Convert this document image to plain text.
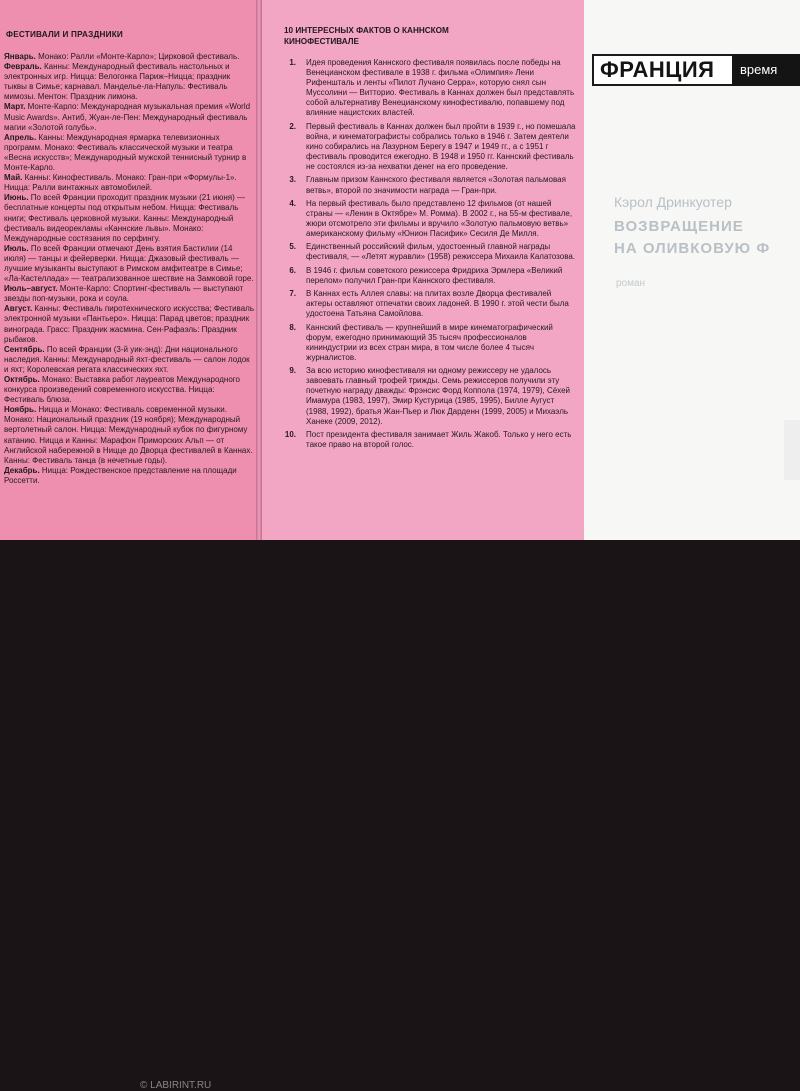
ФЕСТИВАЛИ И ПРАЗДНИКИ

Январь. Монако: Ралли «Монте-Карло»; Цирковой фестиваль.

Февраль. Канны: Международный фестиваль настольных и электронных игр. Ницца: Велогонка Париж–Ницца; праздник тыквы в Симье; карнавал. Манделье-ла-Напуль: Фестиваль мимозы. Ментон: Праздник лимона.

Март. Монте-Карло: Международная музыкальная премия «World Music Awards». Антиб, Жуан-ле-Пен: Международный фестиваль магии «Золотой голубь».

Апрель. Канны: Международная ярмарка телевизионных программ. Монако: Фестиваль классической музыки и театра «Весна искусств»; Международный мужской теннисный турнир в Монте-Карло.

Май. Канны: Кинофестиваль. Монако: Гран-при «Формулы-1». Ницца: Ралли винтажных автомобилей.

Июнь. По всей Франции проходит праздник музыки (21 июня) — бесплатные концерты под открытым небом. Ницца: Фестиваль книги; Фестиваль церковной музыки. Канны: Международный фестиваль видеорекламы «Каннские львы». Монако: Международные состязания по серфингу.

Июль. По всей Франции отмечают День взятия Бастилии (14 июля) — танцы и фейерверки. Ницца: Джазовый фестиваль — лучшие музыканты выступают в Римском амфитеатре в Симье; «Ла-Кастеллада» — театрализованное шествие на Замковой горе.

Июль–август. Монте-Карло: Спортинг-фестиваль — выступают звезды поп-музыки, рока и соула.

Август. Канны: Фестиваль пиротехнического искусства; Фестиваль электронной музыки «Пантьеро». Ницца: Парад цветов; праздник винограда. Грасс: Праздник жасмина. Сен-Рафаэль: Праздник рыбаков.

Сентябрь. По всей Франции (3-й уик-энд): Дни национального наследия. Канны: Международный яхт-фестиваль — салон лодок и яхт; Королевская регата классических яхт.

Октябрь. Монако: Выставка работ лауреатов Международного конкурса произведений современного искусства. Ницца: Фестиваль блюза.

Ноябрь. Ницца и Монако: Фестиваль современной музыки. Монако: Национальный праздник (19 ноября); Международный вертолетный салон. Ницца: Международный кубок по фигурному катанию. Ницца и Канны: Марафон Приморских Альп — от Английской набережной в Ницце до Дворца фестивалей в Каннах. Канны: Фестиваль танца (в нечетные годы).

Декабрь. Ницца: Рождественское представление на площади Россетти.

10 ИНТЕРЕСНЫХ ФАКТОВ О КАННСКОМ КИНОФЕСТИВАЛЕ
1.	Идея проведения Каннского фестиваля появилась после победы на Венецианском фестивале в 1938 г. фильма «Олимпия» Лени Рифеншталь и ленты «Пилот Лучано Серра», которую снял сын Муссолини — Витторио. Фестиваль в Каннах должен был представлять собой альтернативу Венецианскому кинофестивалю, попавшему под влияние нацистских властей.
2.	Первый фестиваль в Каннах должен был пройти в 1939 г., но помешала война, и кинематографисты собрались только в 1946 г. Затем деятели кино собирались на Лазурном Берегу в 1947 и 1949 гг., а с 1951 г фестиваль проводится ежегодно. В 1948 и 1950 гг. Каннский фестиваль не состоялся из-за нехватки денег на его проведение.
3.	Главным призом Каннского фестиваля является «Золотая пальмовая ветвь», второй по значимости награда — Гран-при.
4.	На первый фестиваль было представлено 12 фильмов (от нашей страны — «Ленин в Октябре» М. Ромма). В 2002 г., на 55-м фестивале, жюри отсмотрело эти фильмы и вручило «Золотую пальмовую ветвь» американскому фильму «Юнион Пасифик» Сесиля Де Милля.
5.	Единственный российский фильм, удостоенный главной награды фестиваля, — «Летят журавли» (1958) режиссера Михаила Калатозова.
6.	В 1946 г. фильм советского режиссера Фридриха Эрмлера «Великий перелом» получил Гран-при Каннского фестиваля.
7.	В Каннах есть Аллея славы: на плитах возле Дворца фестивалей актеры оставляют отпечатки своих ладоней. В 1990 г. этой чести была удостоена Татьяна Самойлова.
8.	Каннский фестиваль — крупнейший в мире кинематографический форум, ежегодно принимающий 35 тысяч профессионалов кининдустрии из всех стран мира, в том числе более 4 тысяч журналистов.
9.	За всю историю кинофестиваля ни одному режиссеру не удалось завоевать главный трофей трижды. Семь режиссеров получили эту почетную награду дважды: Фрэнсис Форд Коппола (1974, 1979), Сёхей Имамура (1983, 1997), Эмир Кустурица (1985, 1995), Билле Аугуст (1988, 1992), братья Жан-Пьер и Люк Дарденн (1999, 2005) и Михаэль Ханеке (2009, 2012).
10.	Пост президента фестиваля занимает Жиль Жакоб. Только у него есть такое право на второй голос.
ФРАНЦИЯ время
Кэрол Дринкуотер
ВОЗВРАЩЕНИЕ
НА ОЛИВКОВУЮ Ф
роман
© LABIRINT.RU
